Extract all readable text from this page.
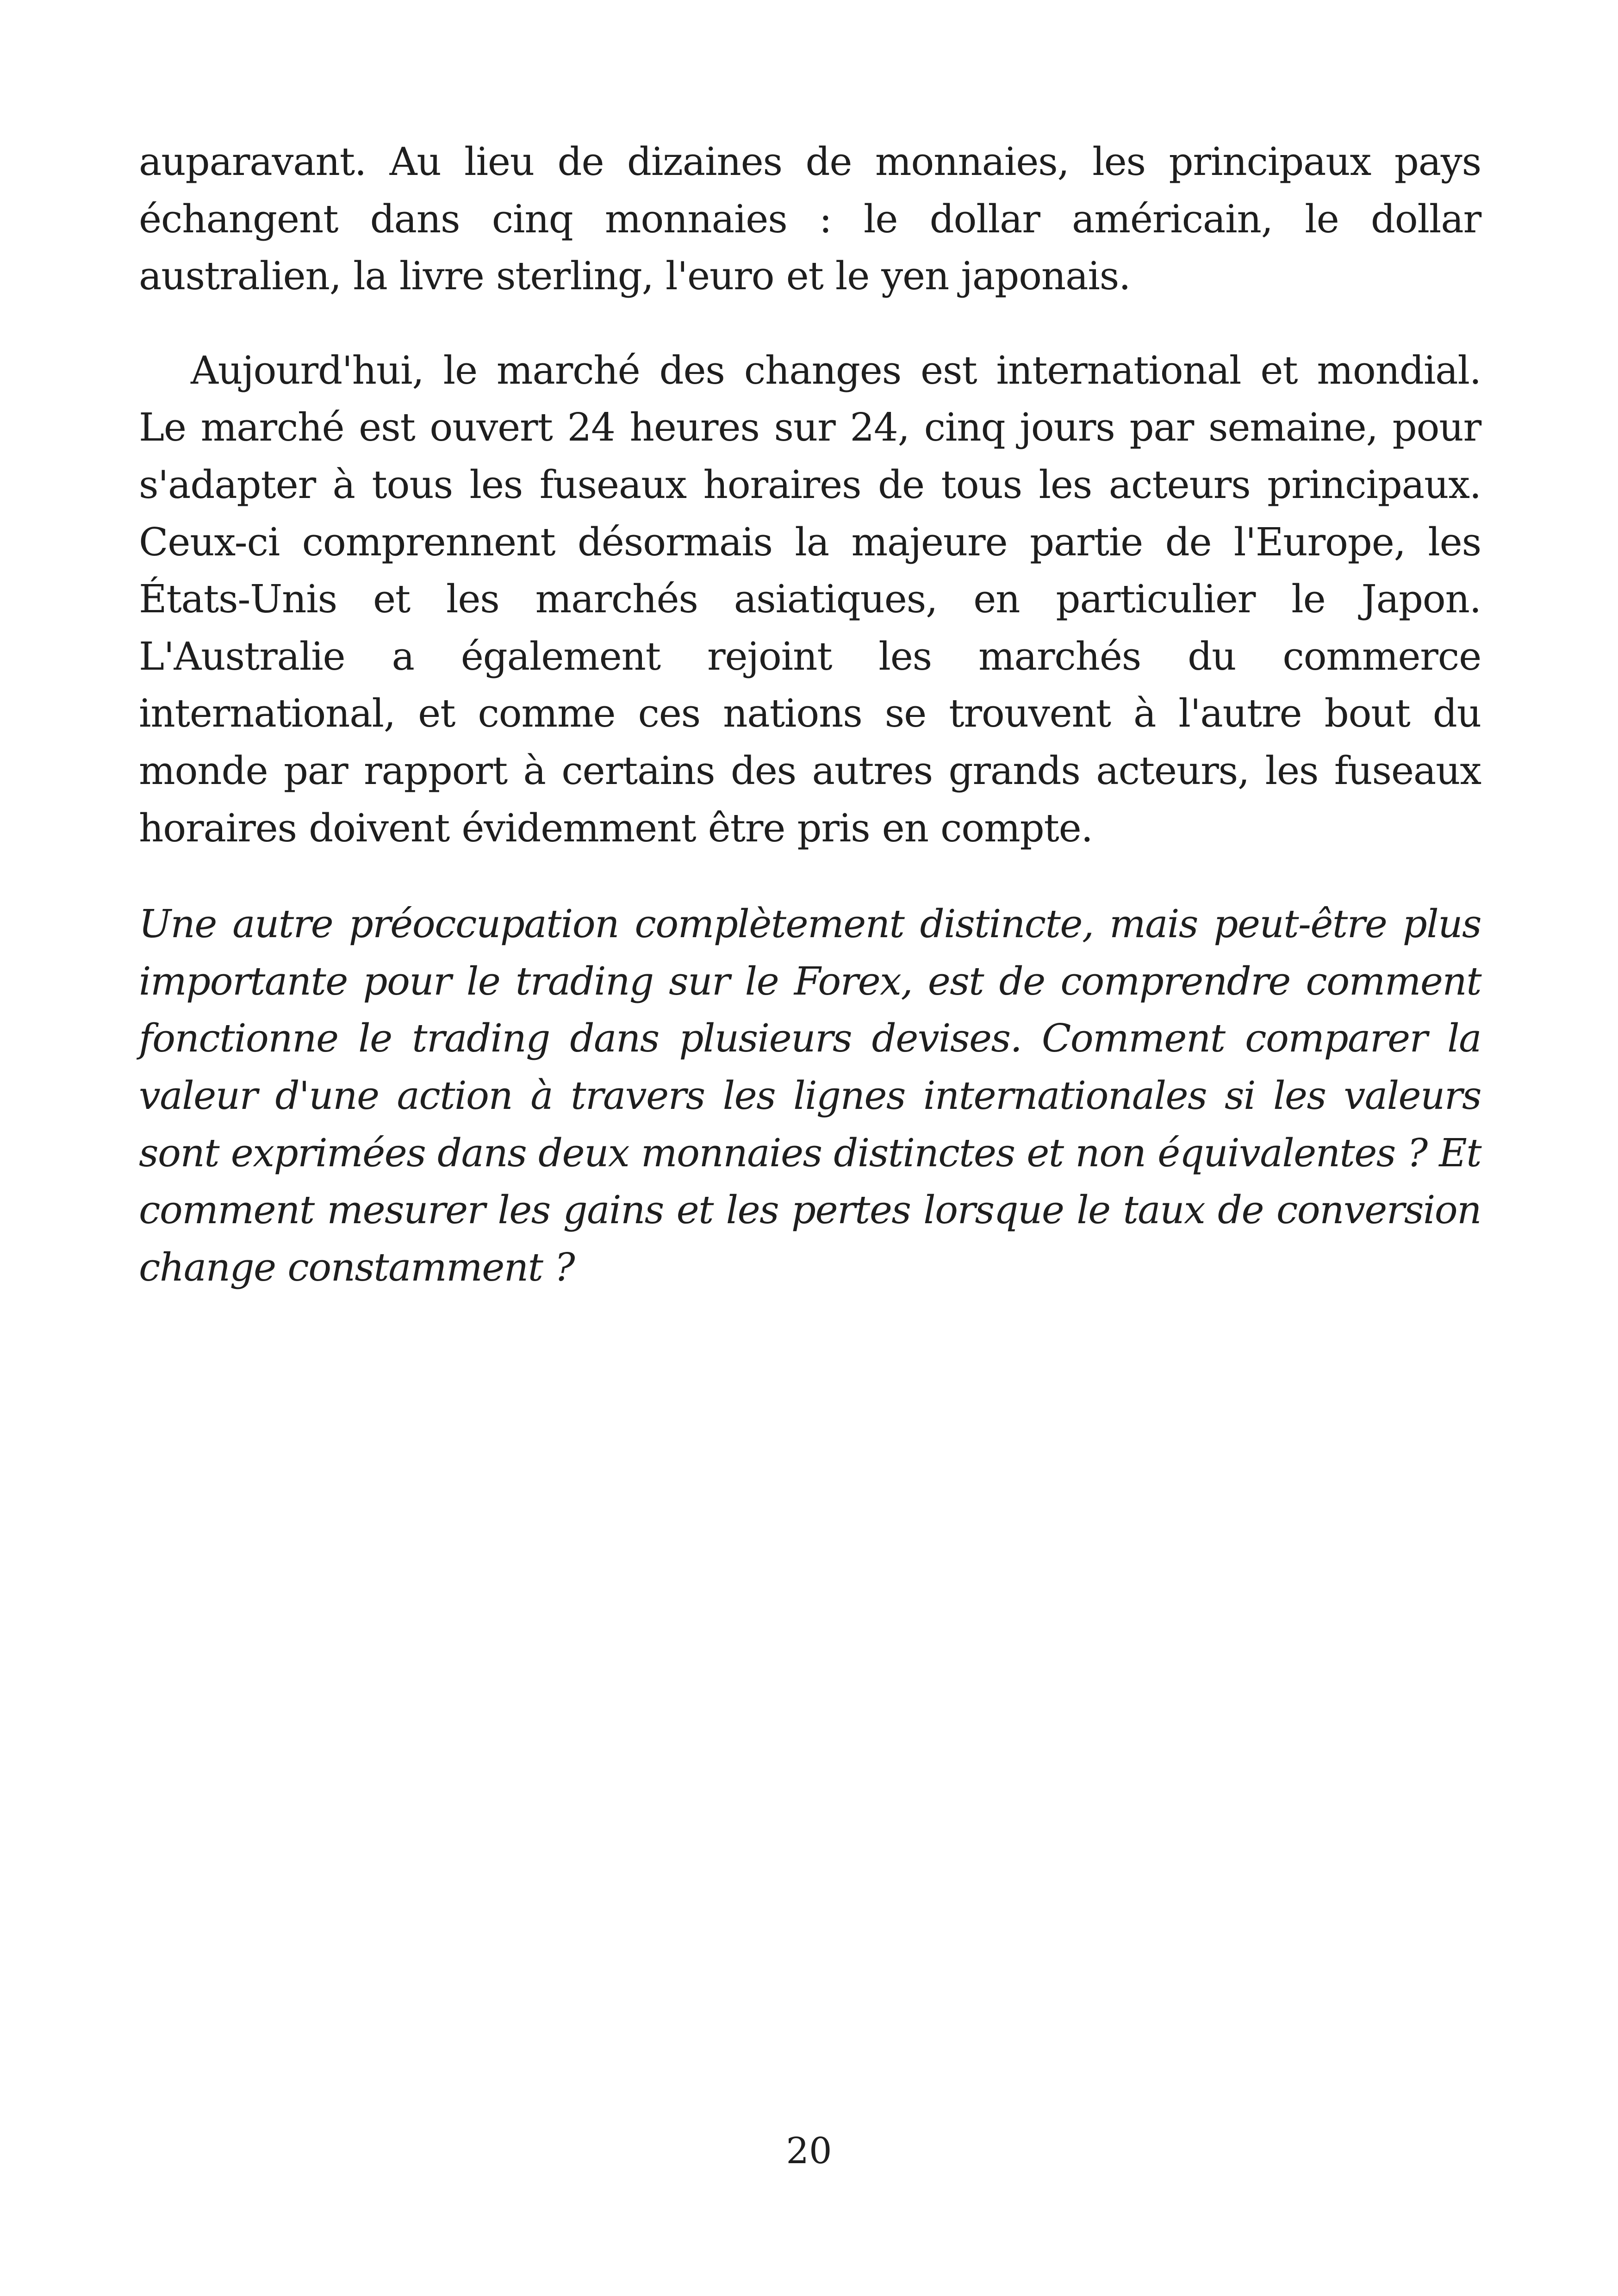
auparavant. Au lieu de dizaines de monnaies, les principaux pays échangent dans cinq monnaies : le dollar américain, le dollar australien, la livre sterling, l'euro et le yen japonais.

Aujourd'hui, le marché des changes est international et mondial. Le marché est ouvert 24 heures sur 24, cinq jours par semaine, pour s'adapter à tous les fuseaux horaires de tous les acteurs principaux. Ceux-ci comprennent désormais la majeure partie de l'Europe, les États-Unis et les marchés asiatiques, en particulier le Japon. L'Australie a également rejoint les marchés du commerce international, et comme ces nations se trouvent à l'autre bout du monde par rapport à certains des autres grands acteurs, les fuseaux horaires doivent évidemment être pris en compte.

Une autre préoccupation complètement distincte, mais peut-être plus importante pour le trading sur le Forex, est de comprendre comment fonctionne le trading dans plusieurs devises. Comment comparer la valeur d'une action à travers les lignes internationales si les valeurs sont exprimées dans deux monnaies distinctes et non équivalentes ? Et comment mesurer les gains et les pertes lorsque le taux de conversion change constamment ?

20
